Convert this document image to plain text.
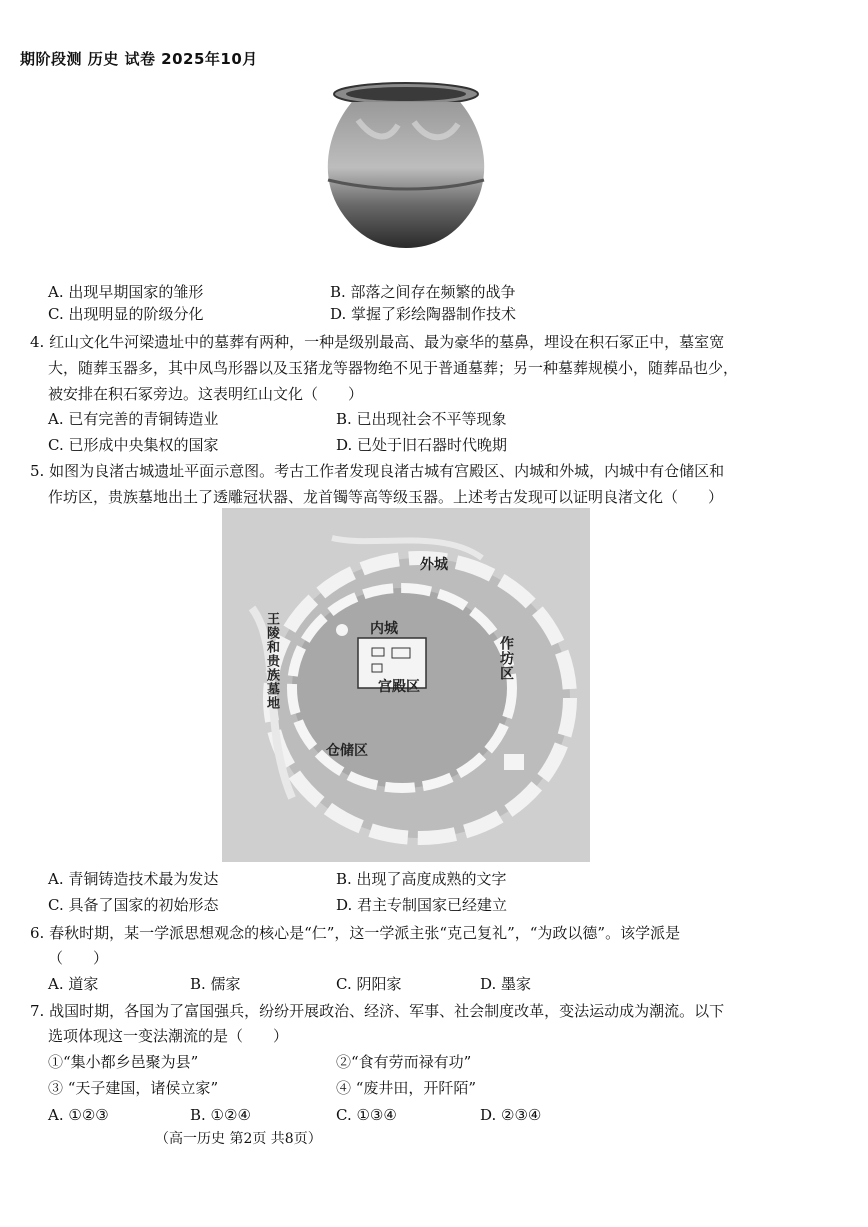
期阶段测 历史 试卷 2025年10月
A. 出现早期国家的雏形	B. 部落之间存在频繁的战争
C. 出现明显的阶级分化	D. 掌握了彩绘陶器制作技术
4. 红山文化牛河梁遗址中的墓葬有两种，一种是级别最高、最为豪华的墓鼻，埋设在积石冢正中，墓室宽
大，随葬玉器多，其中凤鸟形器以及玉猪龙等器物绝不见于普通墓葬；另一种墓葬规模小，随葬品也少，
被安排在积石冢旁边。这表明红山文化（　　）
A. 已有完善的青铜铸造业	B. 已出现社会不平等现象
C. 已形成中央集权的国家	D. 已处于旧石器时代晚期
5. 如图为良渚古城遗址平面示意图。考古工作者发现良渚古城有宫殿区、内城和外城，内城中有仓储区和
作坊区，贵族墓地出土了透雕冠状器、龙首镯等高等级玉器。上述考古发现可以证明良渚文化（　　）
外城
内城
宫殿区
作坊区
仓储区
王陵和贵族墓地
A. 青铜铸造技术最为发达	B. 出现了高度成熟的文字
C. 具备了国家的初始形态	D. 君主专制国家已经建立
6. 春秋时期，某一学派思想观念的核心是“仁”，这一学派主张“克己复礼”，“为政以德”。该学派是
（　　）
A. 道家	B. 儒家	C. 阴阳家	D. 墨家
7. 战国时期，各国为了富国强兵，纷纷开展政治、经济、军事、社会制度改革，变法运动成为潮流。以下
选项体现这一变法潮流的是（　　）
①“集小都乡邑聚为县”	②“食有劳而禄有功”
③ “天子建国，诸侯立家”	④ “废井田，开阡陌”
A. ①②③	B. ①②④	C. ①③④	D. ②③④
（高一历史 第2页 共8页）
